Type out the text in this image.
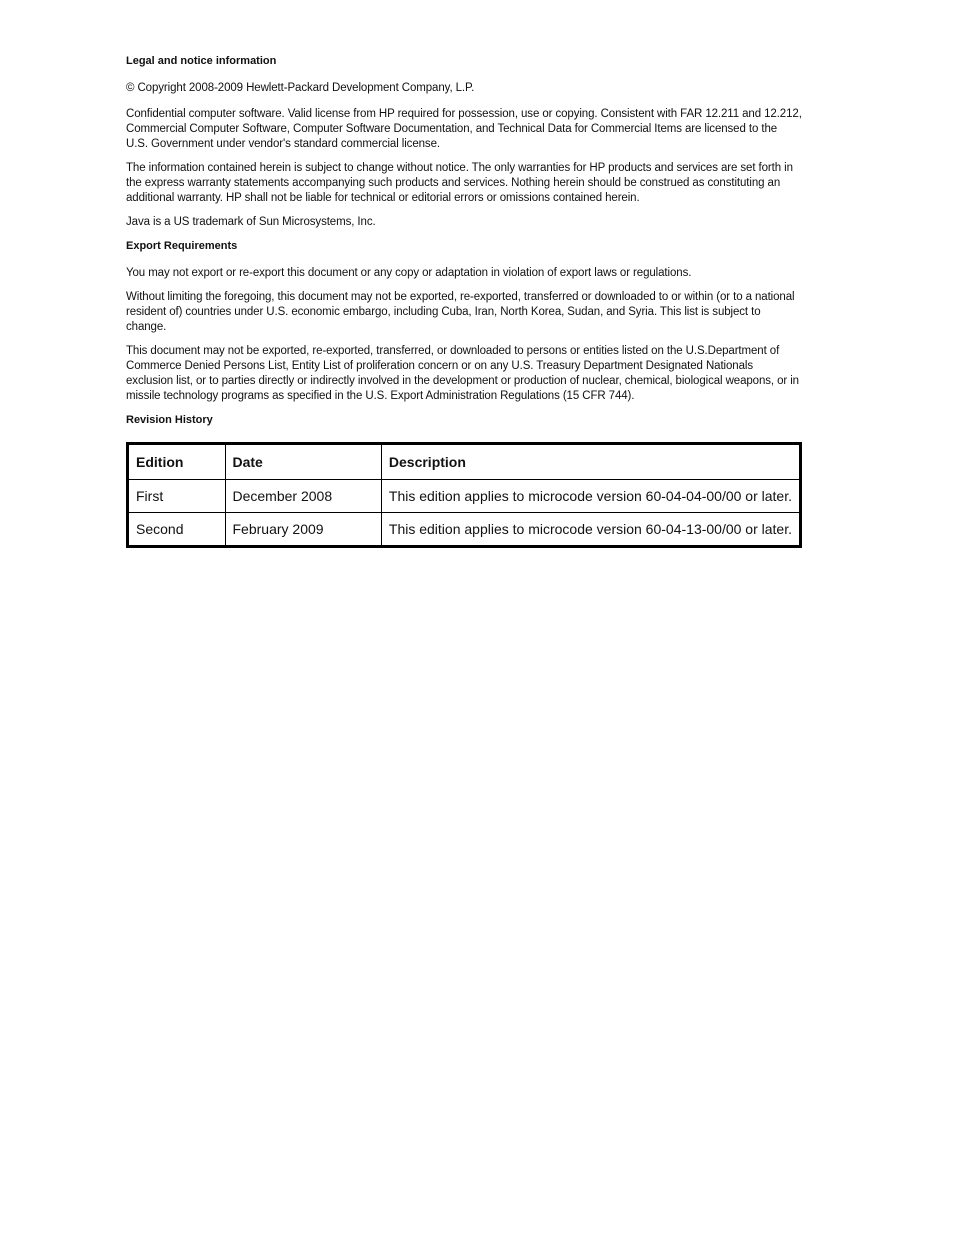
Legal and notice information

© Copyright 2008-2009 Hewlett-Packard Development Company, L.P.

Confidential computer software. Valid license from HP required for possession, use or copying. Consistent with FAR 12.211 and 12.212, Commercial Computer Software, Computer Software Documentation, and Technical Data for Commercial Items are licensed to the U.S. Government under vendor's standard commercial license.

The information contained herein is subject to change without notice. The only warranties for HP products and services are set forth in the express warranty statements accompanying such products and services. Nothing herein should be construed as constituting an additional warranty. HP shall not be liable for technical or editorial errors or omissions contained herein.

Java is a US trademark of Sun Microsystems, Inc.

Export Requirements

You may not export or re-export this document or any copy or adaptation in violation of export laws or regulations.

Without limiting the foregoing, this document may not be exported, re-exported, transferred or downloaded to or within (or to a national resident of) countries under U.S. economic embargo, including Cuba, Iran, North Korea, Sudan, and Syria. This list is subject to change.

This document may not be exported, re-exported, transferred, or downloaded to persons or entities listed on the U.S.Department of Commerce Denied Persons List, Entity List of proliferation concern or on any U.S. Treasury Department Designated Nationals exclusion list, or to parties directly or indirectly involved in the development or production of nuclear, chemical, biological weapons, or in missile technology programs as specified in the U.S. Export Administration Regulations (15 CFR 744).

Revision History
Edition	Date	Description
First	December 2008	This edition applies to microcode version 60-04-04-00/00 or later.
Second	February 2009	This edition applies to microcode version 60-04-13-00/00 or later.
